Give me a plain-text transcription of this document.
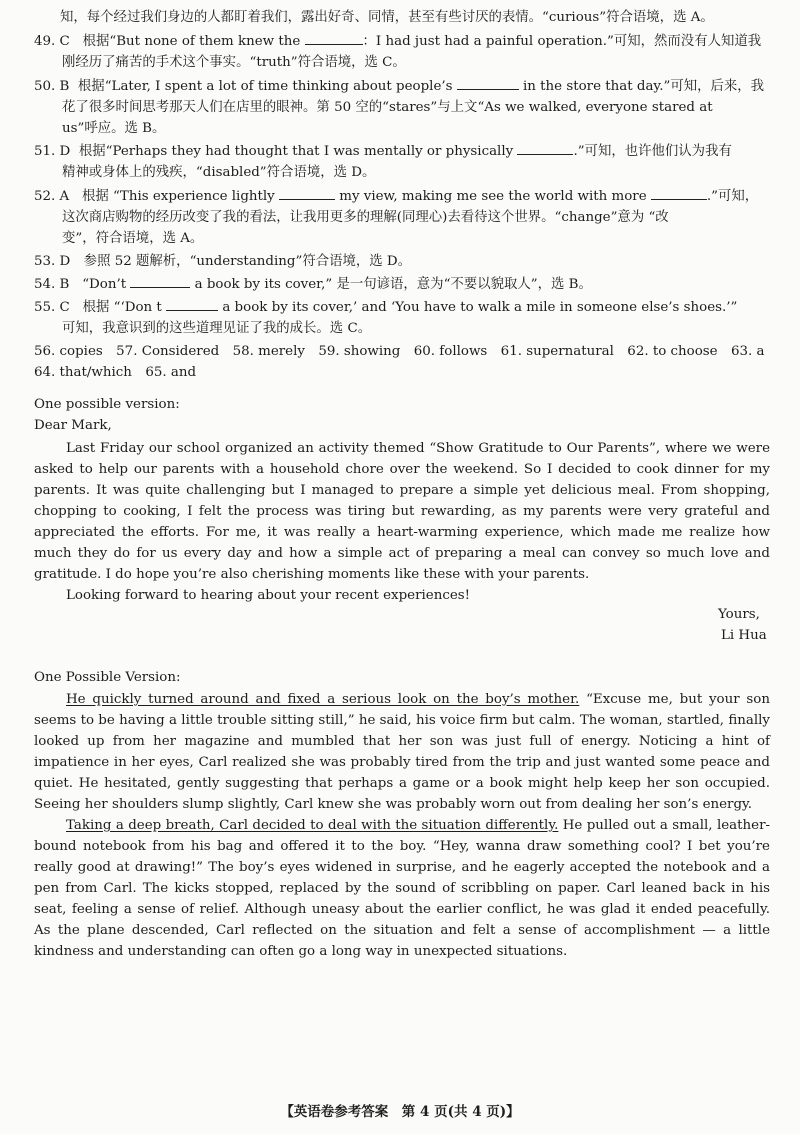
知，每个经过我们身边的人都盯着我们，露出好奇、同情，甚至有些讨厌的表情。“curious”符合语境，选 A。
49. C 根据“But none of them knew the	：I had just had a painful operation.”可知，然而没有人知道我
刚经历了痛苦的手术这个事实。“truth”符合语境，选 C。
50. B 根据“Later, I spent a lot of time thinking about people’s	in the store that day.”可知，后来，我
花了很多时间思考那天人们在店里的眼神。第 50 空的“stares”与上文“As we walked, everyone stared at
us”呼应。选 B。
51. D 根据“Perhaps they had thought that I was mentally or physically	.”可知，也许他们认为我有
精神或身体上的残疾，“disabled”符合语境，选 D。
52. A 根据 “This experience lightly	my view, making me see the world with more	.”可知，
这次商店购物的经历改变了我的看法，让我用更多的理解(同理心)去看待这个世界。“change”意为 “改
变”，符合语境，选 A。
53. D　参照 52 题解析，“understanding”符合语境，选 D。
54. B “Don’t	a book by its cover,” 是一句谚语，意为“不要以貌取人”，选 B。
55. C 根据 “‘Don t	a book by its cover,’ and ‘You have to walk a mile in someone else’s shoes.’”
可知，我意识到的这些道理见证了我的成长。选 C。
56. copies　57. Considered　58. merely　59. showing　60. follows　61. supernatural　62. to choose　63. a
64. that/which　65. and
One possible version:
Dear Mark,
Last Friday our school organized an activity themed “Show Gratitude to Our Parents”, where we were asked to help our parents with a household chore over the weekend. So I decided to cook dinner for my parents. It was quite challenging but I managed to prepare a simple yet delicious meal. From shopping, chopping to cooking, I felt the process was tiring but rewarding, as my parents were very grateful and appreciated the efforts. For me, it was really a heart-warming experience, which made me realize how much they do for us every day and how a simple act of preparing a meal can convey so much love and gratitude. I do hope you’re also cherishing moments like these with your parents.
Looking forward to hearing about your recent experiences!
Yours,
Li Hua
One Possible Version:
He quickly turned around and fixed a serious look on the boy’s mother. “Excuse me, but your son seems to be having a little trouble sitting still,” he said, his voice firm but calm. The woman, startled, finally looked up from her magazine and mumbled that her son was just full of energy. Noticing a hint of impatience in her eyes, Carl realized she was probably tired from the trip and just wanted some peace and quiet. He hesitated, gently suggesting that perhaps a game or a book might help keep her son occupied. Seeing her shoulders slump slightly, Carl knew she was probably worn out from dealing her son’s energy.
Taking a deep breath, Carl decided to deal with the situation differently. He pulled out a small, leather-bound notebook from his bag and offered it to the boy. “Hey, wanna draw something cool? I bet you’re really good at drawing!” The boy’s eyes widened in surprise, and he eagerly accepted the notebook and a pen from Carl. The kicks stopped, replaced by the sound of scribbling on paper. Carl leaned back in his seat, feeling a sense of relief. Although uneasy about the earlier conflict, he was glad it ended peacefully. As the plane descended, Carl reflected on the situation and felt a sense of accomplishment — a little kindness and understanding can often go a long way in unexpected situations.
【英语卷参考答案　第 4 页(共 4 页)】
